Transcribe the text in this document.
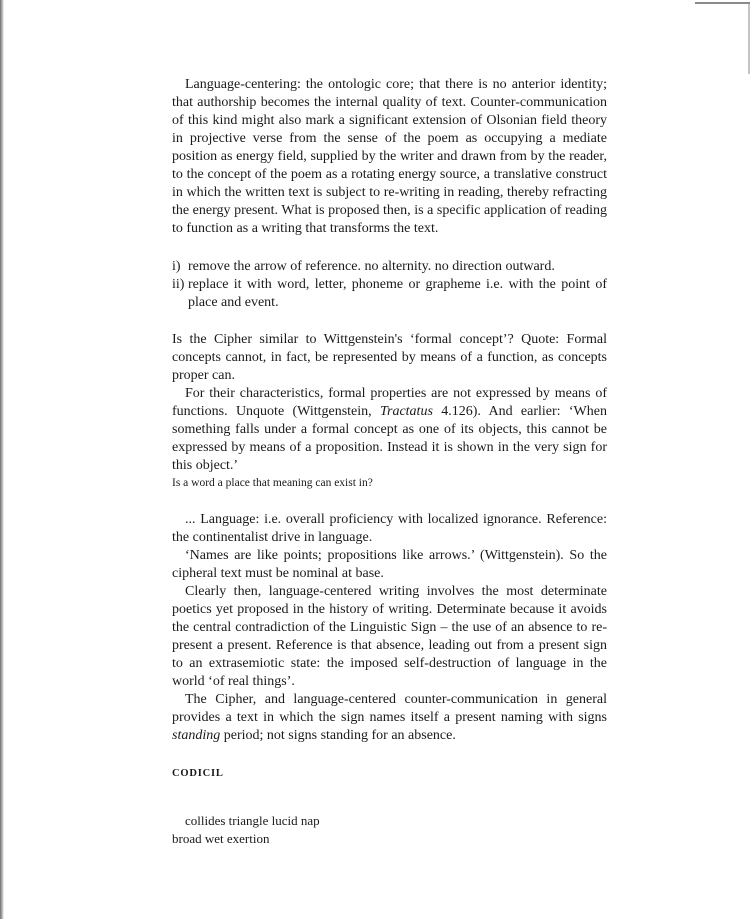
Language-centering: the ontologic core; that there is no anterior identity; that authorship becomes the internal quality of text. Counter-communication of this kind might also mark a significant extension of Olsonian field theory in projective verse from the sense of the poem as occupying a mediate position as energy field, supplied by the writer and drawn from by the reader, to the concept of the poem as a rotating energy source, a translative construct in which the written text is subject to re-writing in reading, thereby refracting the energy present. What is proposed then, is a specific application of reading to function as a writing that transforms the text.

i) remove the arrow of reference. no alternity. no direction outward.
ii) replace it with word, letter, phoneme or grapheme i.e. with the point of place and event.

Is the Cipher similar to Wittgenstein's ‘formal concept’? Quote: Formal concepts cannot, in fact, be represented by means of a function, as concepts proper can.

For their characteristics, formal properties are not expressed by means of functions. Unquote (Wittgenstein, Tractatus 4.126). And earlier: ‘When something falls under a formal concept as one of its objects, this cannot be expressed by means of a proposition. Instead it is shown in the very sign for this object.’

Is a word a place that meaning can exist in?

... Language: i.e. overall proficiency with localized ignorance. Reference: the continentalist drive in language.

‘Names are like points; propositions like arrows.’ (Wittgenstein). So the cipheral text must be nominal at base.

Clearly then, language-centered writing involves the most determinate poetics yet proposed in the history of writing. Determinate because it avoids the central contradiction of the Linguistic Sign – the use of an absence to re-present a present. Reference is that absence, leading out from a present sign to an extrasemiotic state: the imposed self-destruction of language in the world ‘of real things’.

The Cipher, and language-centered counter-communication in general provides a text in which the sign names itself a present naming with signs standing period; not signs standing for an absence.

CODICIL
collides triangle lucid nap
broad wet exertion
